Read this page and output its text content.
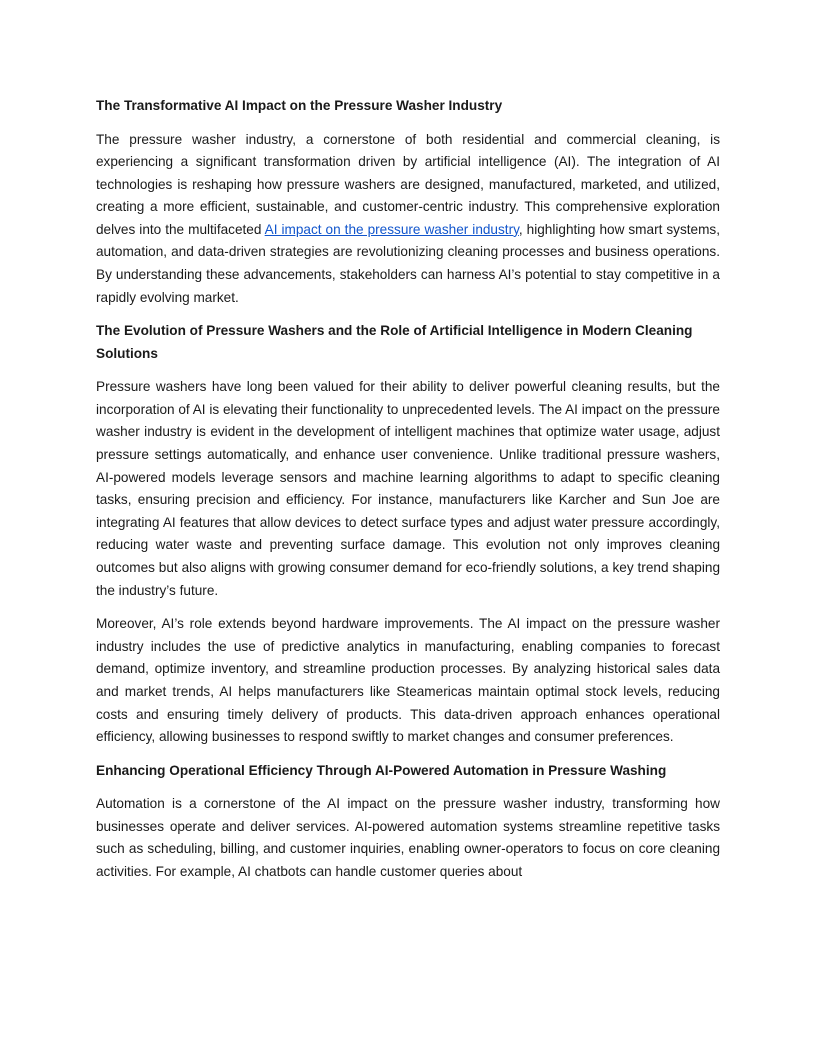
The Transformative AI Impact on the Pressure Washer Industry

The pressure washer industry, a cornerstone of both residential and commercial cleaning, is experiencing a significant transformation driven by artificial intelligence (AI). The integration of AI technologies is reshaping how pressure washers are designed, manufactured, marketed, and utilized, creating a more efficient, sustainable, and customer-centric industry. This comprehensive exploration delves into the multifaceted AI impact on the pressure washer industry, highlighting how smart systems, automation, and data-driven strategies are revolutionizing cleaning processes and business operations. By understanding these advancements, stakeholders can harness AI’s potential to stay competitive in a rapidly evolving market.

The Evolution of Pressure Washers and the Role of Artificial Intelligence in Modern Cleaning Solutions

Pressure washers have long been valued for their ability to deliver powerful cleaning results, but the incorporation of AI is elevating their functionality to unprecedented levels. The AI impact on the pressure washer industry is evident in the development of intelligent machines that optimize water usage, adjust pressure settings automatically, and enhance user convenience. Unlike traditional pressure washers, AI-powered models leverage sensors and machine learning algorithms to adapt to specific cleaning tasks, ensuring precision and efficiency. For instance, manufacturers like Karcher and Sun Joe are integrating AI features that allow devices to detect surface types and adjust water pressure accordingly, reducing water waste and preventing surface damage. This evolution not only improves cleaning outcomes but also aligns with growing consumer demand for eco-friendly solutions, a key trend shaping the industry’s future.

Moreover, AI’s role extends beyond hardware improvements. The AI impact on the pressure washer industry includes the use of predictive analytics in manufacturing, enabling companies to forecast demand, optimize inventory, and streamline production processes. By analyzing historical sales data and market trends, AI helps manufacturers like Steamericas maintain optimal stock levels, reducing costs and ensuring timely delivery of products. This data-driven approach enhances operational efficiency, allowing businesses to respond swiftly to market changes and consumer preferences.

Enhancing Operational Efficiency Through AI-Powered Automation in Pressure Washing

Automation is a cornerstone of the AI impact on the pressure washer industry, transforming how businesses operate and deliver services. AI-powered automation systems streamline repetitive tasks such as scheduling, billing, and customer inquiries, enabling owner-operators to focus on core cleaning activities. For example, AI chatbots can handle customer queries about
